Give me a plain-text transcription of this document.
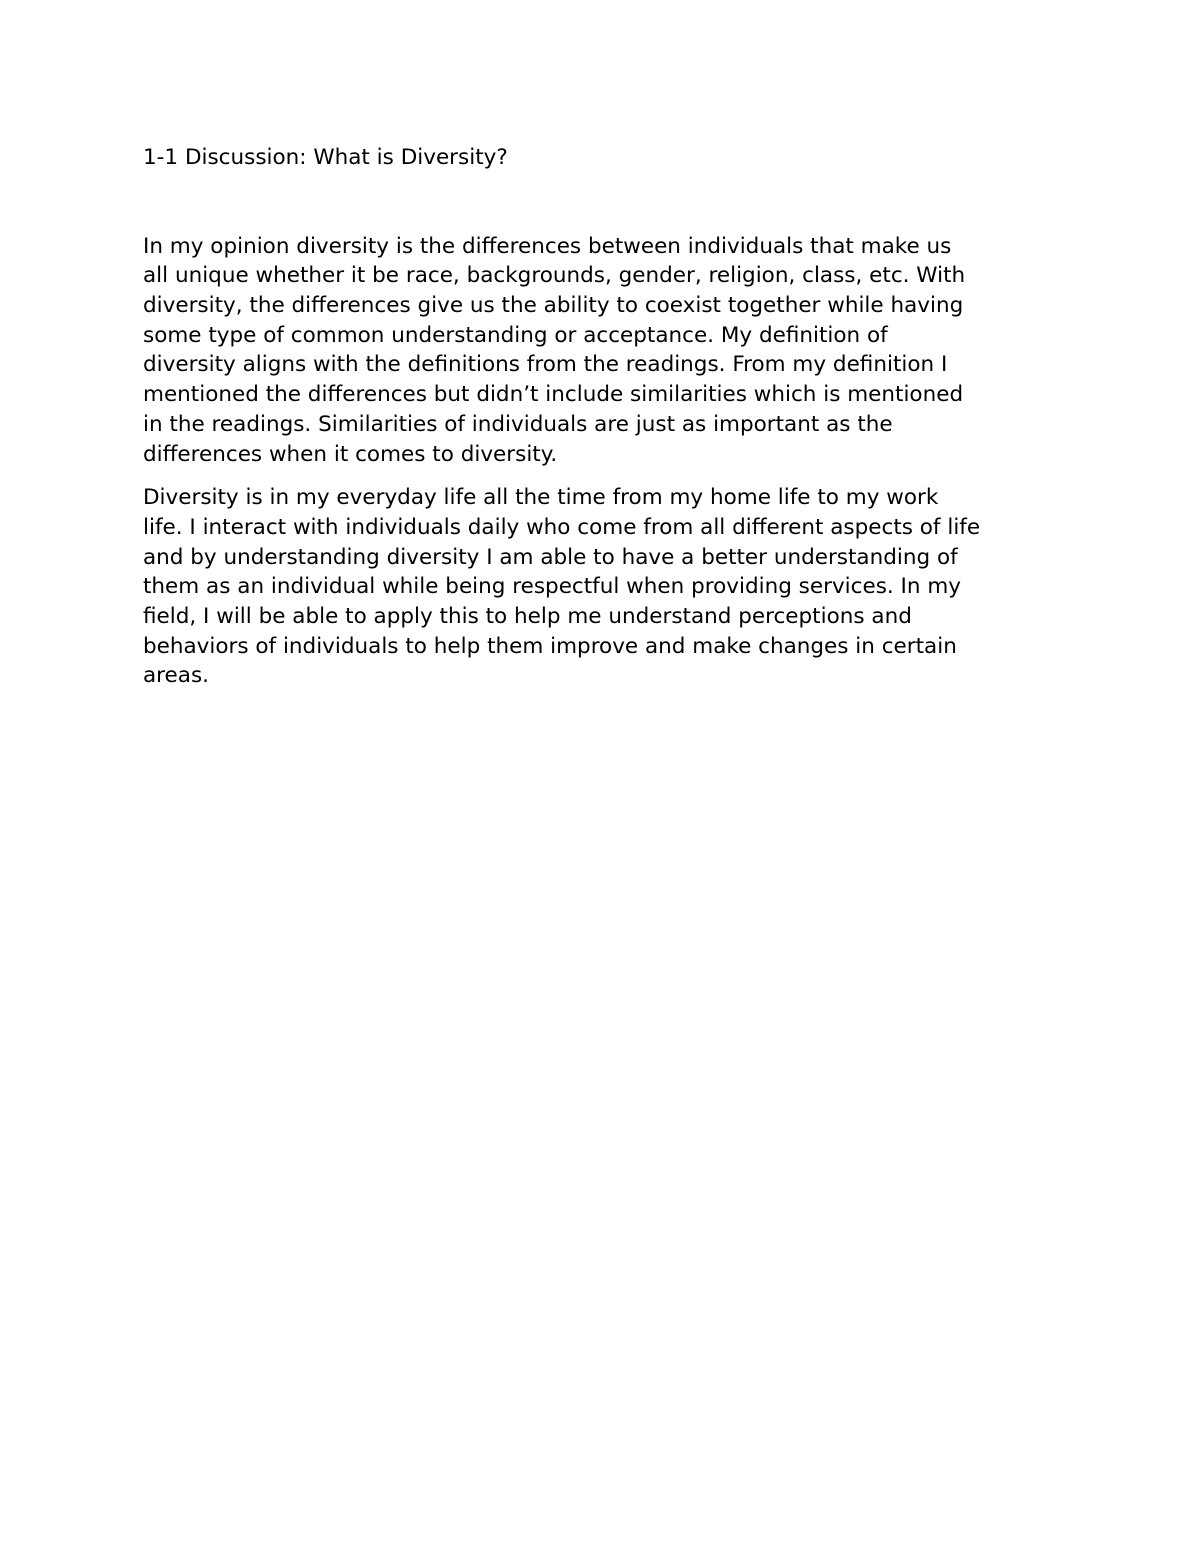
1-1 Discussion: What is Diversity?
In my opinion diversity is the differences between individuals that make us
all unique whether it be race, backgrounds, gender, religion, class, etc. With
diversity, the differences give us the ability to coexist together while having
some type of common understanding or acceptance. My definition of
diversity aligns with the definitions from the readings. From my definition I
mentioned the differences but didn’t include similarities which is mentioned
in the readings. Similarities of individuals are just as important as the
differences when it comes to diversity.
Diversity is in my everyday life all the time from my home life to my work
life. I interact with individuals daily who come from all different aspects of life
and by understanding diversity I am able to have a better understanding of
them as an individual while being respectful when providing services. In my
field, I will be able to apply this to help me understand perceptions and
behaviors of individuals to help them improve and make changes in certain
areas.
